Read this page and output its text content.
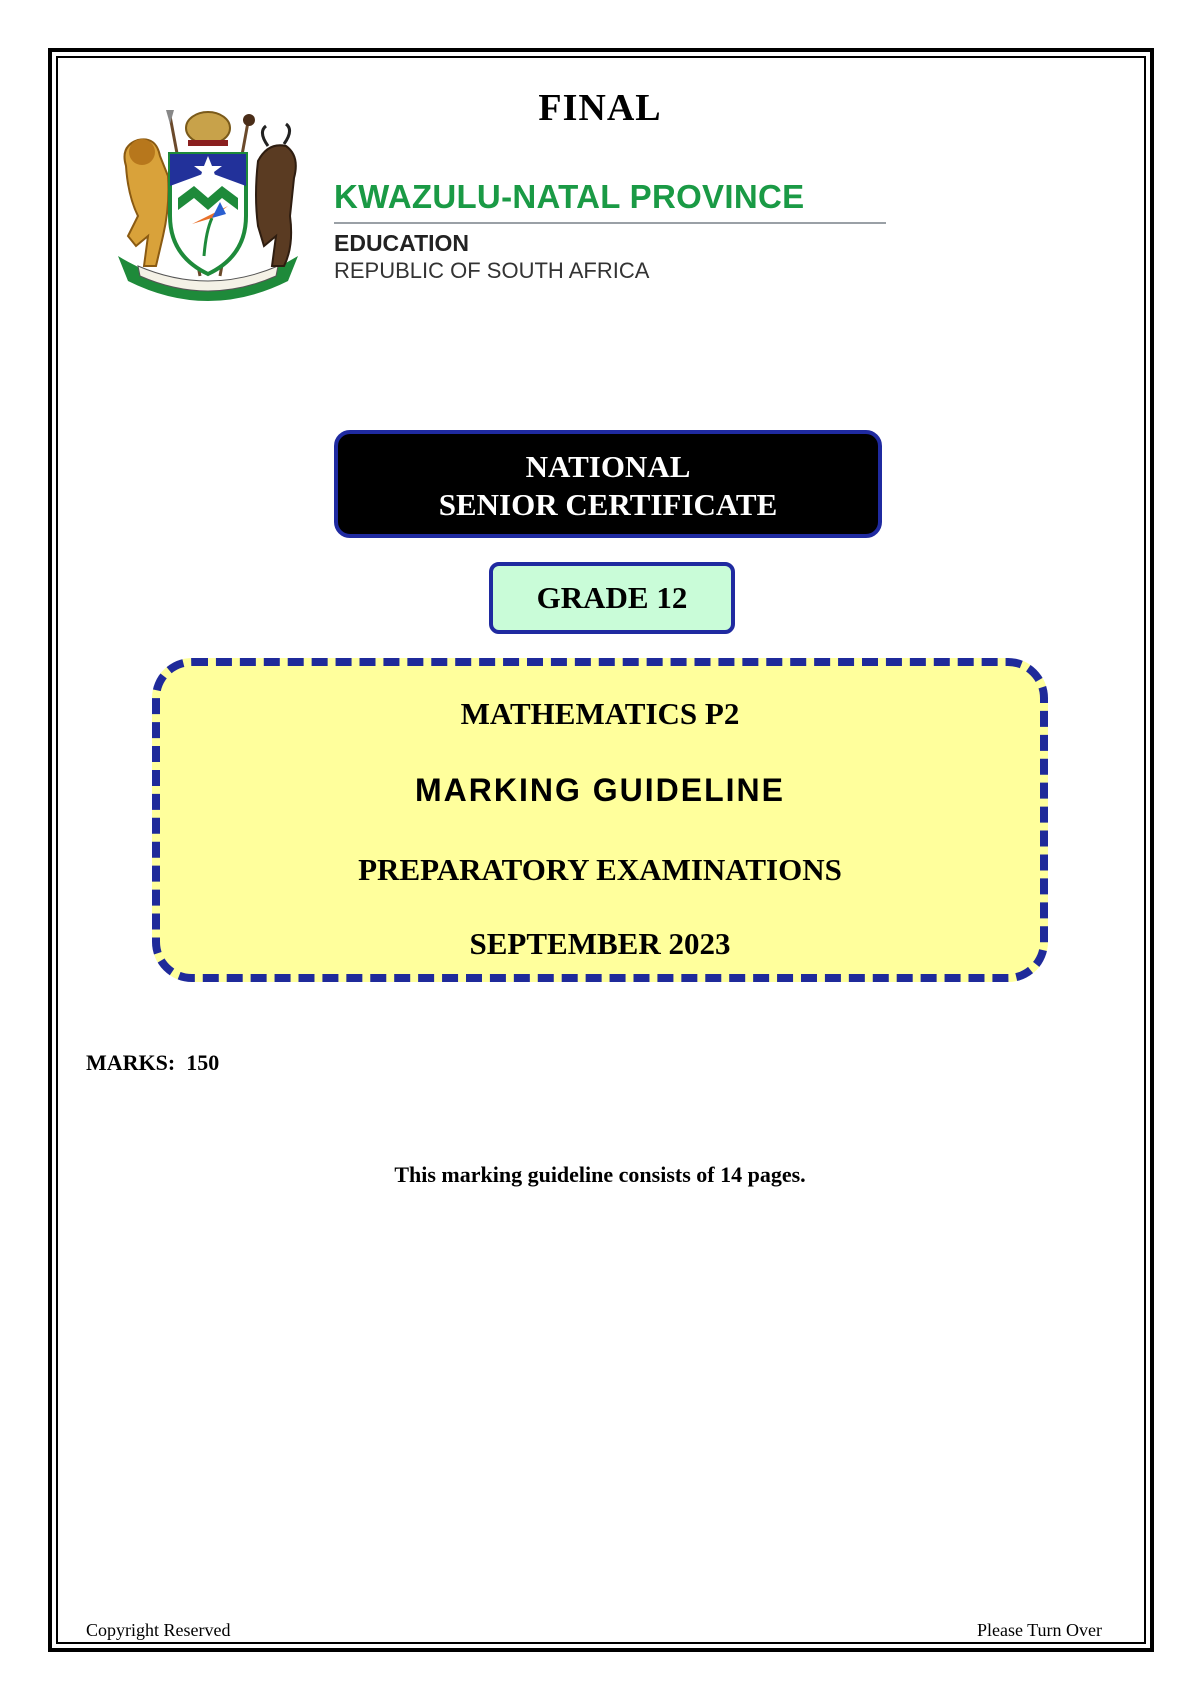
FINAL
KWAZULU-NATAL PROVINCE
EDUCATION
REPUBLIC OF SOUTH AFRICA
NATIONAL
SENIOR CERTIFICATE
GRADE 12
MATHEMATICS P2
MARKING GUIDELINE
PREPARATORY EXAMINATIONS
SEPTEMBER 2023
MARKS:  150
This marking guideline consists of 14 pages.
Copyright Reserved	Please Turn Over
